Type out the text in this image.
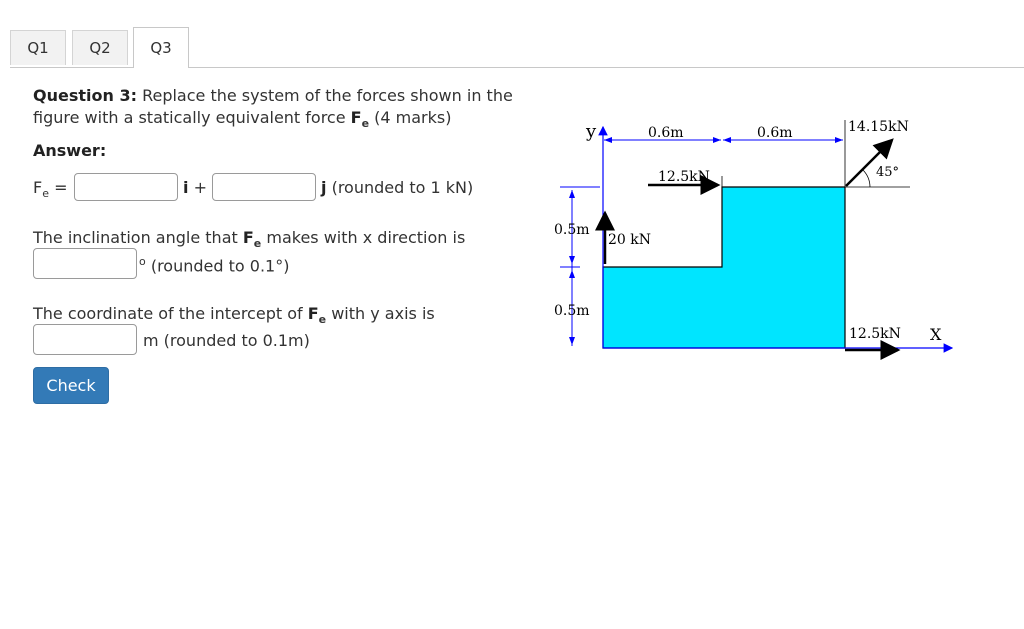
Q1	Q2	Q3
Question 3: Replace the system of the forces shown in the
figure with a statically equivalent force $F_e$ (4 marks)
Answer:
$F_e$ =	i +	j (rounded to 1 kN)
The inclination angle that $F_e$ makes with x direction is
$^o$ (rounded to 0.1°)
The coordinate of the intercept of $F_e$ with y axis is
m (rounded to 0.1m)
Check
y
X
0.6m	0.6m
0.5m
0.5m
12.5kN
20 kN
14.15kN
45°
12.5kN
